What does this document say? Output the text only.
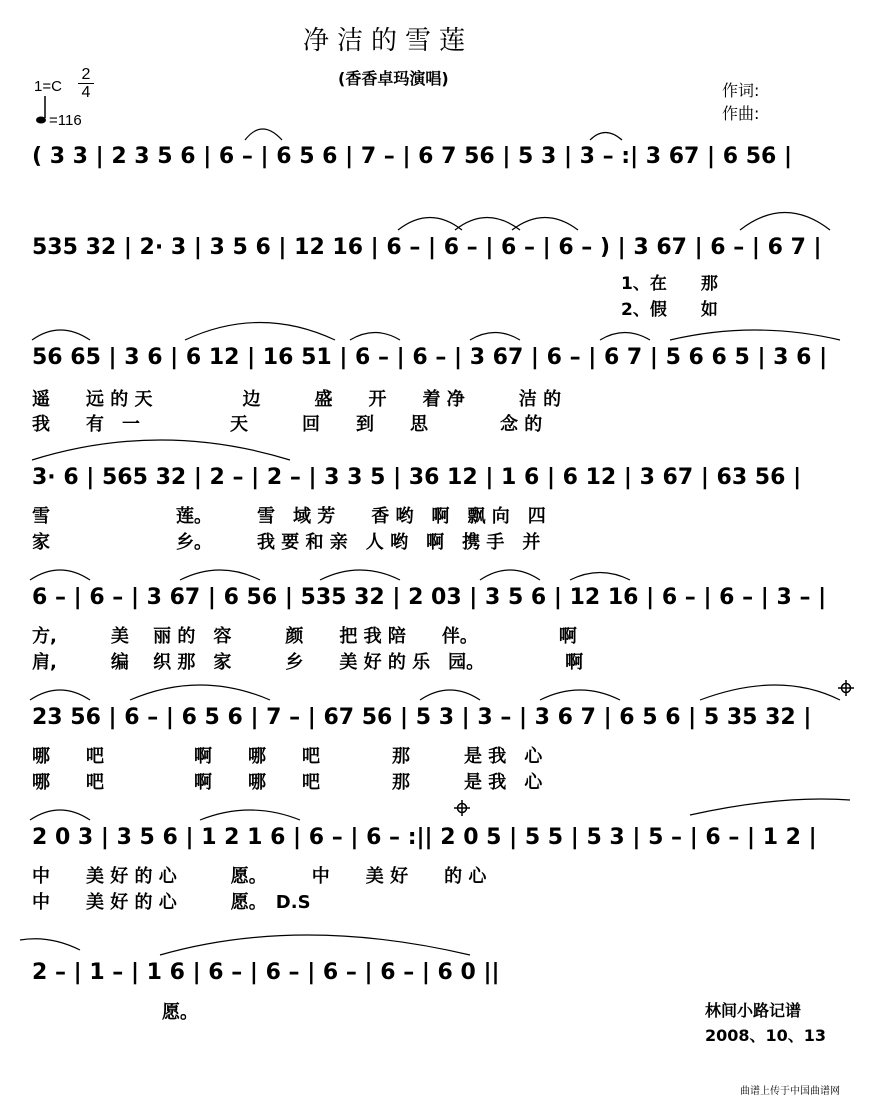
净洁的雪莲
(香香卓玛演唱)
作词:
作曲:
1=C
2
4
=116
( 3 3 | 2 3 5 6 | 6 – | 6 5 6 | 7 – | 6 7 56 | 5 3 | 3 – :| 3 67 | 6 56 |
535 32 | 2· 3 | 3 5 6 | 12 16 | 6 – | 6 – | 6 – | 6 – ) | 3 67 | 6 – | 6 7 |
1、在　　那
2、假　　如
56 65 | 3 6 | 6 12 | 16 51 | 6 – | 6 – | 3 67 | 6 – | 6 7 | 5 6 6 5 | 3 6 |
遥　　远 的 天　　　　　边　　　盛　　开　　着 净　　　洁 的
我　　有　一　　　　　天　　　回　　到　　思　　　　念 的
3· 6 | 565 32 | 2 – | 2 – | 3 3 5 | 36 12 | 1 6 | 6 12 | 3 67 | 63 56 |
雪　　　　　　　莲。　　　雪　域 芳　　香 哟　啊　飘 向　四
家　　　　　　　乡。　　　我 要 和 亲　人 哟　啊　携 手　并
6 – | 6 – | 3 67 | 6 56 | 535 32 | 2 03 | 3 5 6 | 12 16 | 6 – | 6 – | 3 – |
方,　　　美　 丽 的　容　　　颜　　把 我 陪　　伴。　　　　　啊
肩,　　　编　 织 那　家　　　乡　　美 好 的 乐　园。　　　　　啊
23 56 | 6 – | 6 5 6 | 7 – | 67 56 | 5 3 | 3 – | 3 6 7 | 6 5 6 | 5 35 32 |
哪　　吧　　　　　啊　　哪　　吧　　　　那　　　是 我　心
哪　　吧　　　　　啊　　哪　　吧　　　　那　　　是 我　心
2 0 3 | 3 5 6 | 1 2 1 6 | 6 – | 6 – :|| 2 0 5 | 5 5 | 5 3 | 5 – | 6 – | 1 2 |
中　　美 好 的 心　　　愿。　　　中　　美 好　　的 心
中　　美 好 的 心　　　愿。　D.S
2 – | 1 – | 1 6 | 6 – | 6 – | 6 – | 6 – | 6 0 ||
愿。	林间小路记谱
2008、10、13
曲谱上传于中国曲谱网
